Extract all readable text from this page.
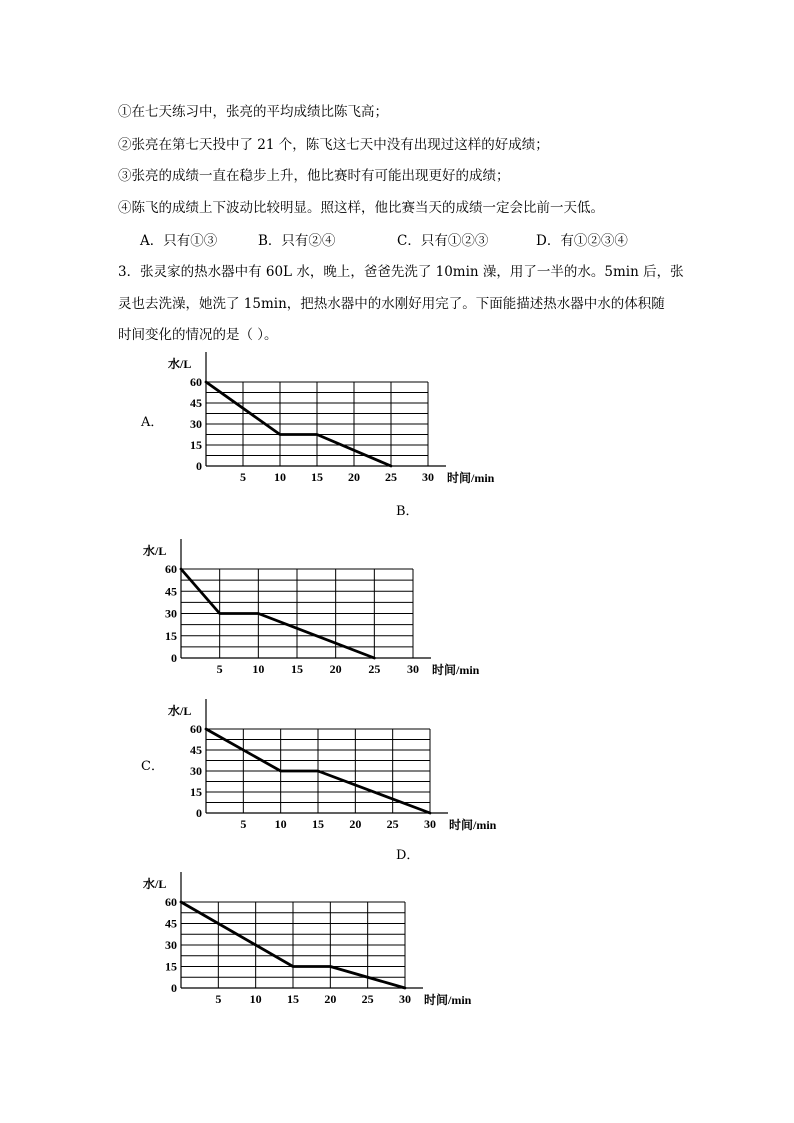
①在七天练习中，张亮的平均成绩比陈飞高；
②张亮在第七天投中了 21 个，陈飞这七天中没有出现过这样的好成绩；
③张亮的成绩一直在稳步上升，他比赛时有可能出现更好的成绩；
④陈飞的成绩上下波动比较明显。照这样，他比赛当天的成绩一定会比前一天低。
A．只有①③	B．只有②④	C．只有①②③	D．有①②③④
3．张灵家的热水器中有 60L 水，晚上，爸爸先洗了 10min 澡，用了一半的水。5min 后，张
灵也去洗澡，她洗了 15min，把热水器中的水刚好用完了。下面能描述热水器中水的体积随
时间变化的情况的是（ ）。
A．
B．
C．
D．
0
15
30
45
60
5 10 15 20 25 30
水/L
时间/min
0
15
30
45
60
5 10 15 20 25 30
水/L
时间/min
0
15
30
45
60
5 10 15 20 25 30
水/L
时间/min
0
15
30
45
60
5 10 15 20 25 30
水/L
时间/min
